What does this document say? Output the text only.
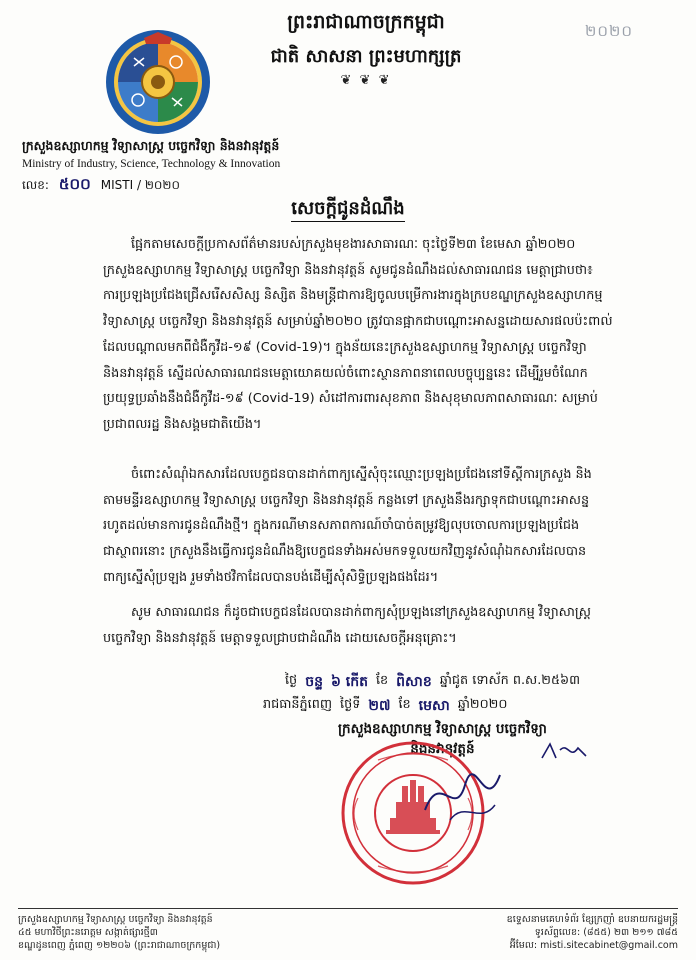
២០២០
ព្រះរាជាណាចក្រកម្ពុជា
ជាតិ សាសនា ព្រះមហាក្សត្រ
❦ ❦ ❦
ក្រសួងឧស្សាហកម្ម វិទ្យាសាស្ត្រ បច្ចេកវិទ្យា និងនវានុវត្តន៍
Ministry of Industry, Science, Technology & Innovation
លេខ: ៥០០ MISTI / ២០២០
សេចក្តីជូនដំណឹង
ផ្អែកតាមសេចក្តីប្រកាសព័ត៌មានរបស់ក្រសួងមុខងារសាធារណៈ ចុះថ្ងៃទី២៣ ខែមេសា ឆ្នាំ២០២០
ក្រសួងឧស្សាហកម្ម វិទ្យាសាស្ត្រ បច្ចេកវិទ្យា និងនវានុវត្តន៍ សូមជូនដំណឹងដល់សាធារណជន មេត្តាជ្រាបថា៖
ការប្រឡងប្រជែងជ្រើសរើសសិស្ស និស្សិត និងមន្ត្រីជាការឱ្យចូលបម្រើការងារក្នុងក្របខណ្ឌក្រសួងឧស្សាហកម្ម
វិទ្យាសាស្ត្រ បច្ចេកវិទ្យា និងនវានុវត្តន៍ សម្រាប់ឆ្នាំ២០២០ ត្រូវបានផ្អាកជាបណ្តោះអាសន្នដោយសារផលប៉ះពាល់
ដែលបណ្តាលមកពីជំងឺកូវីដ-១៩ (Covid-19)។ ក្នុងន័យនេះក្រសួងឧស្សាហកម្ម វិទ្យាសាស្ត្រ បច្ចេកវិទ្យា
និងនវានុវត្តន៍ ស្នើដល់សាធារណជនមេត្តាយោគយល់ចំពោះស្ថានភាពនាពេលបច្ចុប្បន្ននេះ ដើម្បីរួមចំណែក
ប្រយុទ្ធប្រឆាំងនឹងជំងឺកូវីដ-១៩ (Covid-19) សំដៅការពារសុខភាព និងសុខុមាលភាពសាធារណៈ សម្រាប់
ប្រជាពលរដ្ឋ និងសង្គមជាតិយើង។
ចំពោះសំណុំឯកសារដែលបេក្ខជនបានដាក់ពាក្យស្នើសុំចុះឈ្មោះប្រឡងប្រជែងនៅទីស្តីការក្រសួង និង
តាមមន្ទីរឧស្សាហកម្ម វិទ្យាសាស្ត្រ បច្ចេកវិទ្យា និងនវានុវត្តន៍ កន្លងទៅ ក្រសួងនឹងរក្សាទុកជាបណ្តោះអាសន្ន
រហូតដល់មានការជូនដំណឹងថ្មី។ ក្នុងករណីមានសភាពការណ៍ចាំបាច់តម្រូវឱ្យលុបចោលការប្រឡងប្រជែង
ជាស្ថាពរនោះ ក្រសួងនឹងធ្វើការជូនដំណឹងឱ្យបេក្ខជនទាំងអស់មកទទួលយកវិញនូវសំណុំឯកសារដែលបាន
ពាក្យស្នើសុំប្រឡង រួមទាំងថវិកាដែលបានបង់ដើម្បីសុំសិទ្ធិប្រឡងផងដែរ។
សូម សាធារណជន ក៏ដូចជាបេក្ខជនដែលបានដាក់ពាក្យសុំប្រឡងនៅក្រសួងឧស្សាហកម្ម វិទ្យាសាស្ត្រ
បច្ចេកវិទ្យា និងនវានុវត្តន៍ មេត្តាទទួលជ្រាបជាដំណឹង ដោយសេចក្តីអនុគ្រោះ។
ថ្ងៃ ចន្ទ ៦ កើត ខែ ពិសាខ ឆ្នាំជូត ទោស័ក ព.ស.២៥៦៣
រាជធានីភ្នំពេញ ថ្ងៃទី ២៧ ខែ មេសា ឆ្នាំ២០២០
ក្រសួងឧស្សាហកម្ម វិទ្យាសាស្ត្រ បច្ចេកវិទ្យា
និងនវានុវត្តន៍
ក្រសួងឧស្សាហកម្ម វិទ្យាសាស្ត្រ បច្ចេកវិទ្យា និងនវានុវត្តន៍
៤៥ មហាវិថីព្រះនរោត្តម សង្កាត់ផ្សារថ្មី៣
ខណ្ឌដូនពេញ ភ្នំពេញ ១២២០៦ (ព្រះរាជាណាចក្រកម្ពុជា)
ឧទ្ទេសនាមគេហទំព័រ ខ្សែក្រញាំ ឧបនាយករដ្ឋមន្ត្រី
ទូរស័ព្ទលេខ: (៨៥៥) ២៣ ២១១ ៧៨៥
អ៊ីមែល: misti.sitecabinet@gmail.com
